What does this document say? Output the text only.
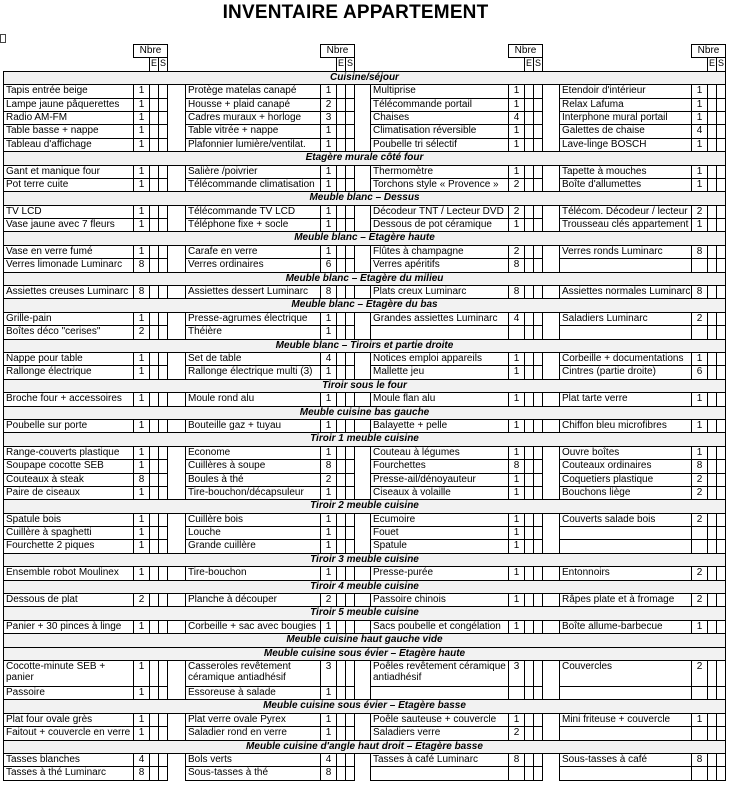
INVENTAIRE APPARTEMENT
	Nbre					Nbre					Nbre					Nbre		
		E	S				E	S				E	S				E	S
Cuisine/séjour																		
Tapis entrée beige	1				Protège matelas canapé	1				Multiprise	1				Etendoir d'intérieur	1		
Lampe jaune pâquerettes	1				Housse + plaid canapé	2				Télécommande portail	1				Relax Lafuma	1		
Radio AM-FM	1				Cadres muraux + horloge	3				Chaises	4				Interphone mural portail	1		
Table basse + nappe	1				Table vitrée + nappe	1				Climatisation réversible	1				Galettes de chaise	4		
Tableau d'affichage	1				Plafonnier lumière/ventilat.	1				Poubelle tri sélectif	1				Lave-linge BOSCH	1		
Etagère murale côté four																		
Gant et manique four	1				Salière /poivrier	1				Thermomètre	1				Tapette à mouches	1		
Pot terre cuite	1				Télécommande climatisation	1				Torchons style « Provence »	2				Boîte d'allumettes	1		
Meuble blanc – Dessus																		
TV LCD	1				Télécommande TV LCD	1				Décodeur TNT / Lecteur DVD	2				Télécom. Décodeur / lecteur	2		
Vase jaune avec 7 fleurs	1				Téléphone fixe + socle	1				Dessous de pot céramique	1				Trousseau clés appartement	1		
Meuble blanc – Etagère haute																		
Vase en verre fumé	1				Carafe en verre	1				Flûtes à champagne	2				Verres ronds Luminarc	8		
Verres limonade Luminarc	8				Verres ordinaires	6				Verres apéritifs	8							
Meuble blanc – Etagère du milieu																		
Assiettes creuses Luminarc	8				Assiettes dessert Luminarc	8				Plats creux Luminarc	8				Assiettes normales Luminarc	8		
Meuble blanc – Etagère du bas																		
Grille-pain	1				Presse-agrumes électrique	1				Grandes assiettes Luminarc	4				Saladiers Luminarc	2		
Boîtes déco "cerises"	2				Théière	1												
Meuble blanc – Tiroirs et partie droite																		
Nappe pour table	1				Set de table	4				Notices emploi appareils	1				Corbeille + documentations	1		
Rallonge électrique	1				Rallonge électrique multi (3)	1				Mallette jeu	1				Cintres (partie droite)	6		
Tiroir sous le four																		
Broche four + accessoires	1				Moule rond alu	1				Moule flan alu	1				Plat tarte verre	1		
Meuble cuisine bas gauche																		
Poubelle sur porte	1				Bouteille gaz + tuyau	1				Balayette + pelle	1				Chiffon bleu microfibres	1		
Tiroir 1 meuble cuisine																		
Range-couverts plastique	1				Econome	1				Couteau à légumes	1				Ouvre boîtes	1		
Soupape cocotte SEB	1				Cuillères à soupe	8				Fourchettes	8				Couteaux ordinaires	8		
Couteaux à steak	8				Boules à thé	2				Presse-ail/dénoyauteur	1				Coquetiers plastique	2		
Paire de ciseaux	1				Tire-bouchon/décapsuleur	1				Ciseaux à volaille	1				Bouchons liège	2		
Tiroir 2 meuble cuisine																		
Spatule bois	1				Cuillère bois	1				Ecumoire	1				Couverts salade bois	2		
Cuillère à spaghetti	1				Louche	1				Fouet	1							
Fourchette 2 piques	1				Grande cuillère	1				Spatule	1							
Tiroir 3 meuble cuisine																		
Ensemble robot Moulinex	1				Tire-bouchon	1				Presse-purée	1				Entonnoirs	2		
Tiroir 4 meuble cuisine																		
Dessous de plat	2				Planche à découper	2				Passoire chinois	1				Râpes plate et à fromage	2		
Tiroir 5 meuble cuisine																		
Panier + 30 pinces à linge	1				Corbeille + sac avec bougies	1				Sacs poubelle et congélation	1				Boîte allume-barbecue	1		
Meuble cuisine haut gauche vide																		
Meuble cuisine sous évier – Etagère haute																		
Cocotte-minute SEB + panier	1				Casseroles revêtement céramique antiadhésif	3				Poêles revêtement céramique antiadhésif	3				Couvercles	2		
Passoire	1				Essoreuse à salade	1												
Meuble cuisine sous évier – Etagère basse																		
Plat four ovale grès	1				Plat verre ovale Pyrex	1				Poêle sauteuse + couvercle	1				Mini friteuse + couvercle	1		
Faitout + couvercle en verre	1				Saladier rond en verre	1				Saladiers verre	2							
Meuble cuisine d'angle haut droit – Etagère basse																		
Tasses blanches	4				Bols verts	4				Tasses à café Luminarc	8				Sous-tasses à café	8		
Tasses à thé Luminarc	8				Sous-tasses à thé	8												
